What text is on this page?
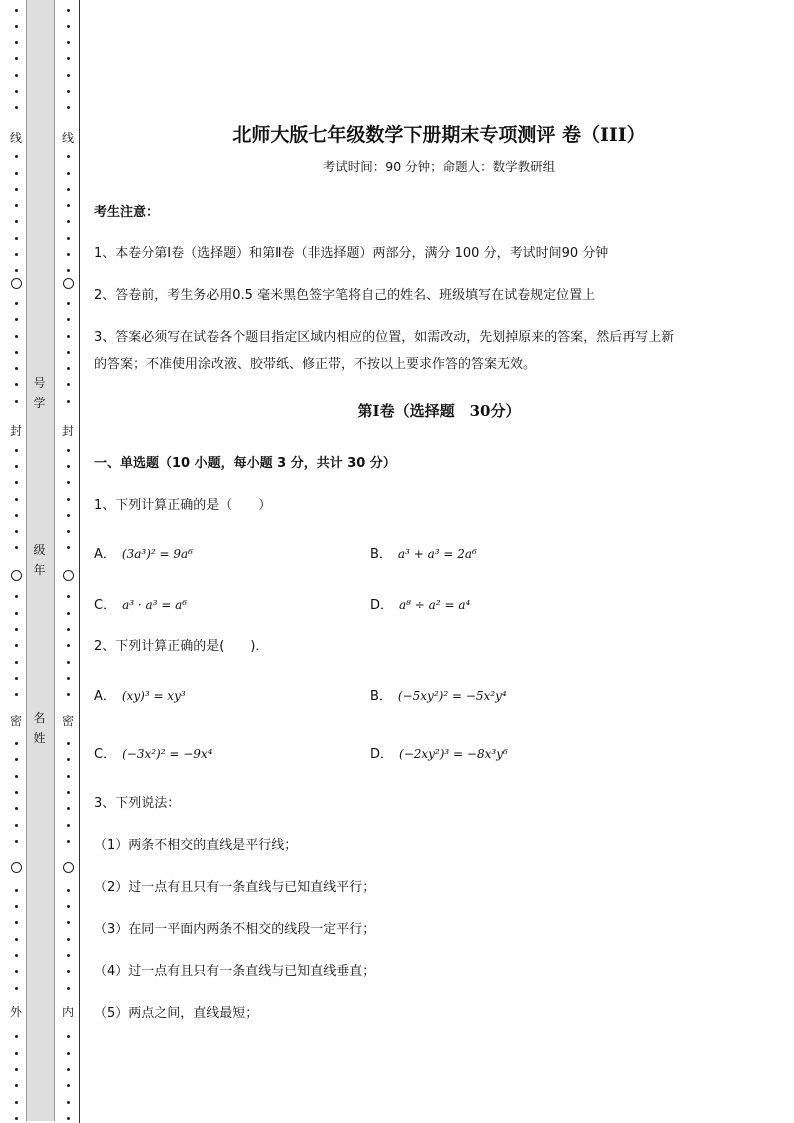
线
封
密
外
线
封
密
内
号学
级年
名姓
北师大版七年级数学下册期末专项测评 卷（III）
考试时间：90 分钟；命题人：数学教研组
考生注意：
1、本卷分第Ⅰ卷（选择题）和第Ⅱ卷（非选择题）两部分，满分 100 分，考试时间90 分钟
2、答卷前，考生务必用0.5 毫米黑色签字笔将自己的姓名、班级填写在试卷规定位置上
3、答案必须写在试卷各个题目指定区域内相应的位置，如需改动，先划掉原来的答案，然后再写上新
的答案；不准使用涂改液、胶带纸、修正带，不按以上要求作答的答案无效。
第Ⅰ卷（选择题　30分）
一、单选题（10 小题，每小题 3 分，共计 30 分）
1、下列计算正确的是（　　）
A． (3a³)² = 9a⁶	B． a³ + a³ = 2a⁶
C． a³ · a³ = a⁶	D． a⁸ ÷ a² = a⁴
2、下列计算正确的是(　　)．
A． (xy)³ = xy³	B． (−5xy²)² = −5x²y⁴
C． (−3x²)² = −9x⁴	D． (−2xy²)³ = −8x³y⁶
3、下列说法：
（1）两条不相交的直线是平行线；
（2）过一点有且只有一条直线与已知直线平行；
（3）在同一平面内两条不相交的线段一定平行；
（4）过一点有且只有一条直线与已知直线垂直；
（5）两点之间，直线最短；
